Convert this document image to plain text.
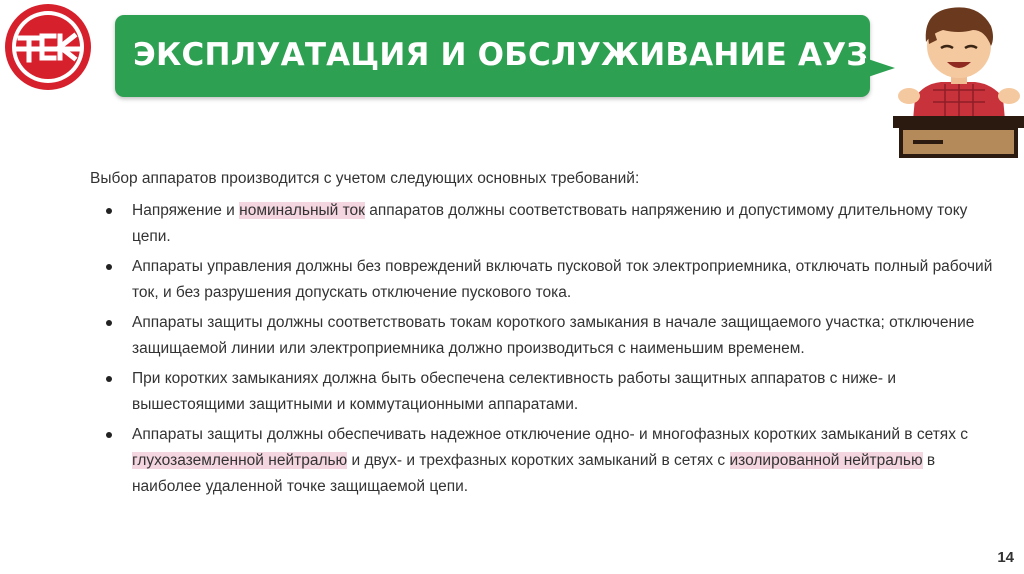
ЭКСПЛУАТАЦИЯ И ОБСЛУЖИВАНИЕ АУЗ
Выбор аппаратов производится с учетом следующих основных требований:
Напряжение и номинальный ток аппаратов должны соответствовать напряжению и допустимому длительному току цепи.
Аппараты управления должны без повреждений включать пусковой ток электроприемника, отключать полный рабочий ток, и без разрушения допускать отключение пускового тока.
Аппараты защиты должны соответствовать токам короткого замыкания в начале защищаемого участка; отключение защищаемой линии или электроприемника должно производиться с наименьшим временем.
При коротких замыканиях должна быть обеспечена селективность работы защитных аппаратов с ниже- и вышестоящими защитными и коммутационными аппаратами.
Аппараты защиты должны обеспечивать надежное отключение одно- и многофазных коротких замыканий в сетях с глухозаземленной нейтралью и двух- и трехфазных коротких замыканий в сетях с изолированной нейтралью в наиболее удаленной точке защищаемой цепи.
14
